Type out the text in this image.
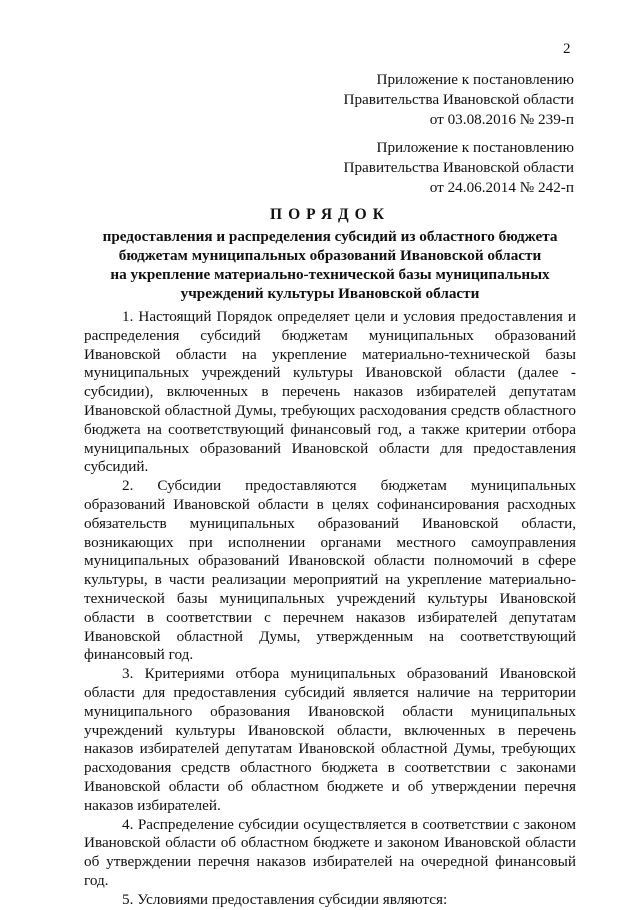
2
Приложение к постановлению
Правительства Ивановской области
от 03.08.2016 № 239-п
Приложение к постановлению
Правительства Ивановской области
от 24.06.2014 № 242-п
ПОРЯДОК
предоставления и распределения субсидий из областного бюджета
бюджетам муниципальных образований Ивановской области
на укрепление материально-технической базы муниципальных
учреждений культуры Ивановской области

1. Настоящий Порядок определяет цели и условия предоставления и распределения субсидий бюджетам муниципальных образований Ивановской области на укрепление материально-технической базы муниципальных учреждений культуры Ивановской области (далее - субсидии), включенных в перечень наказов избирателей депутатам Ивановской областной Думы, требующих расходования средств областного бюджета на соответствующий финансовый год, а также критерии отбора муниципальных образований Ивановской области для предоставления субсидий.

2. Субсидии предоставляются бюджетам муниципальных образований Ивановской области в целях софинансирования расходных обязательств муниципальных образований Ивановской области, возникающих при исполнении органами местного самоуправления муниципальных образований Ивановской области полномочий в сфере культуры, в части реализации мероприятий на укрепление материально-технической базы муниципальных учреждений культуры Ивановской области в соответствии с перечнем наказов избирателей депутатам Ивановской областной Думы, утвержденным на соответствующий финансовый год.

3. Критериями отбора муниципальных образований Ивановской области для предоставления субсидий является наличие на территории муниципального образования Ивановской области муниципальных учреждений культуры Ивановской области, включенных в перечень наказов избирателей депутатам Ивановской областной Думы, требующих расходования средств областного бюджета в соответствии с законами Ивановской области об областном бюджете и об утверждении перечня наказов избирателей.

4. Распределение субсидии осуществляется в соответствии с законом Ивановской области об областном бюджете и законом Ивановской области об утверждении перечня наказов избирателей на очередной финансовый год.

5. Условиями предоставления субсидии являются:
